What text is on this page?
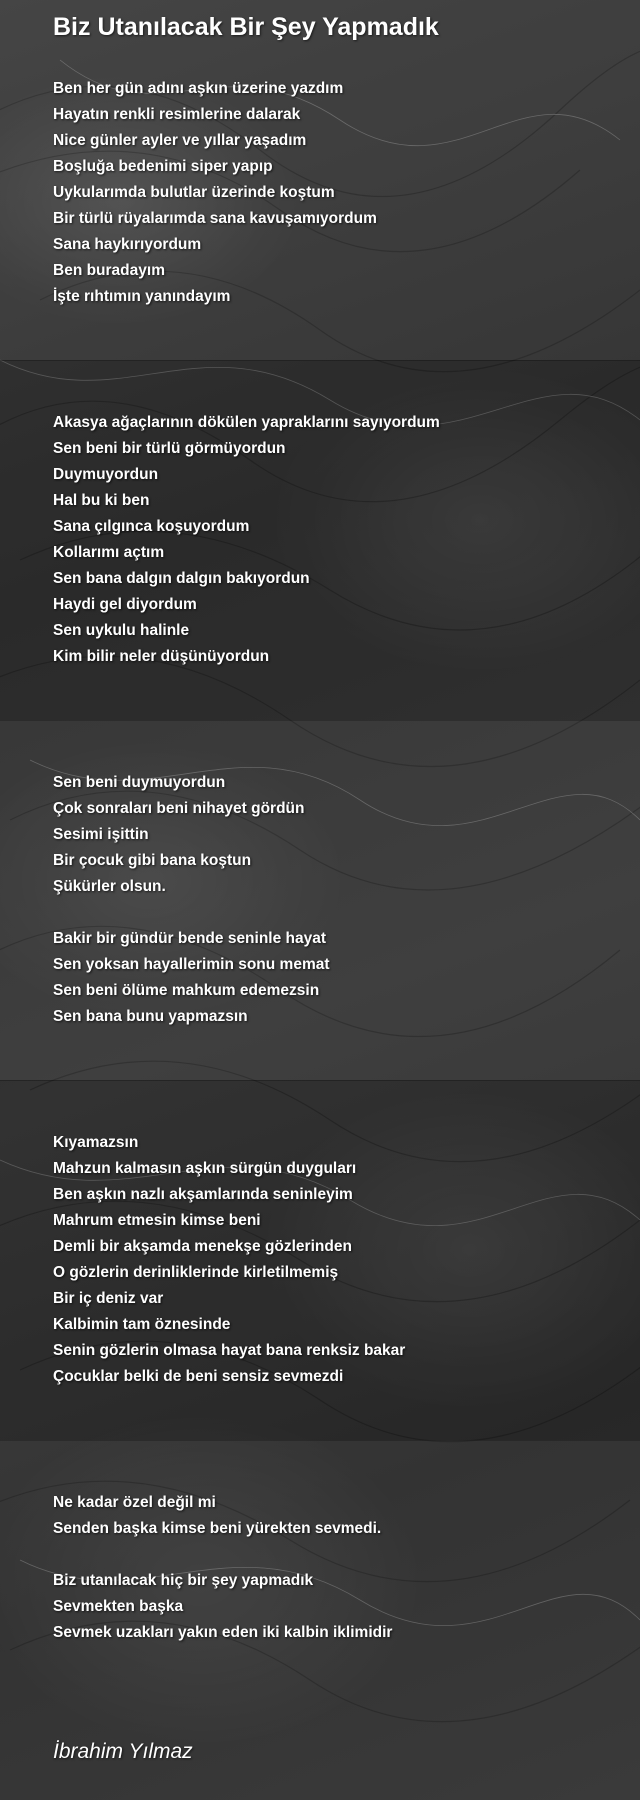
Biz Utanılacak Bir Şey Yapmadık
Ben her gün adını aşkın üzerine yazdım
Hayatın renkli resimlerine dalarak
Nice günler ayler ve yıllar yaşadım
Boşluğa bedenimi siper yapıp
Uykularımda bulutlar üzerinde koştum
Bir türlü rüyalarımda sana kavuşamıyordum
Sana haykırıyordum
Ben buradayım
İşte rıhtımın yanındayım
Akasya ağaçlarının dökülen yapraklarını sayıyordum
Sen beni bir türlü görmüyordun
Duymuyordun
Hal bu ki ben
Sana çılgınca koşuyordum
Kollarımı açtım
Sen bana dalgın dalgın bakıyordun
Haydi gel diyordum
Sen uykulu halinle
Kim bilir neler düşünüyordun
Sen beni duymuyordun
Çok sonraları beni nihayet gördün
Sesimi işittin
Bir çocuk gibi bana koştun
Şükürler olsun.
Bakir bir gündür bende seninle hayat
Sen yoksan hayallerimin sonu memat
Sen beni ölüme mahkum edemezsin
Sen bana bunu yapmazsın
Kıyamazsın
Mahzun kalmasın aşkın sürgün duyguları
Ben aşkın nazlı akşamlarında seninleyim
Mahrum etmesin kimse beni
Demli bir akşamda menekşe gözlerinden
O gözlerin derinliklerinde kirletilmemiş
Bir iç deniz var
Kalbimin tam öznesinde
Senin gözlerin olmasa hayat bana renksiz bakar
Çocuklar belki de beni sensiz sevmezdi
Ne kadar özel değil mi
Senden başka kimse beni yürekten sevmedi.
Biz utanılacak hiç bir şey yapmadık
Sevmekten başka
Sevmek uzakları yakın eden iki kalbin iklimidir

İbrahim Yılmaz
